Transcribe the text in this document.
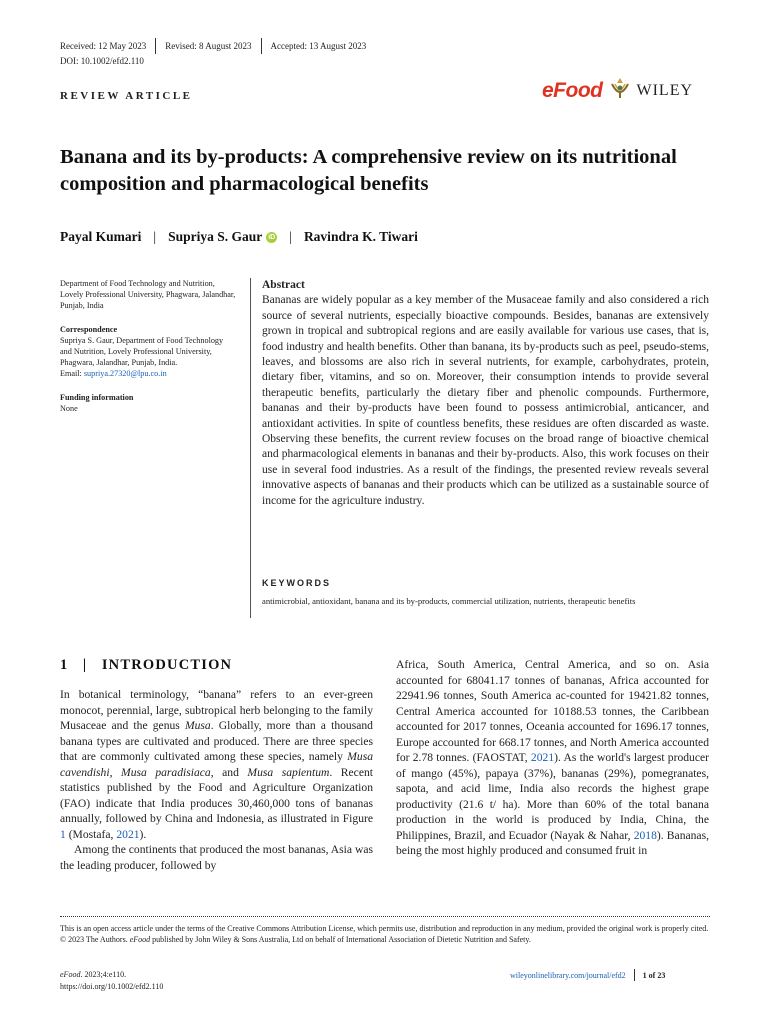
Received: 12 May 2023 Revised: 8 August 2023 Accepted: 13 August 2023
DOI: 10.1002/efd2.110
REVIEW ARTICLE	eFood WILEY
Banana and its by-products: A comprehensive review on its nutritional composition and pharmacological benefits
Payal Kumari | Supriya S. Gaur iD | Ravindra K. Tiwari
Department of Food Technology and Nutrition, Lovely Professional University, Phagwara, Jalandhar, Punjab, India
Correspondence
Supriya S. Gaur, Department of Food Technology and Nutrition, Lovely Professional University, Phagwara, Jalandhar, Punjab, India.
Email: supriya.27320@lpu.co.in
Funding information
None
Abstract
Bananas are widely popular as a key member of the Musaceae family and also considered a rich source of several nutrients, especially bioactive compounds. Besides, bananas are extensively grown in tropical and subtropical regions and are easily available for various use cases, that is, food industry and health benefits. Other than banana, its by-products such as peel, pseudo-stems, leaves, and blossoms are also rich in several nutrients, for example, carbohydrates, protein, dietary fiber, vitamins, and so on. Moreover, their consumption intends to provide several therapeutic benefits, particularly the dietary fiber and phenolic compounds. Furthermore, bananas and their by-products have been found to possess antimicrobial, anticancer, and antioxidant activities. In spite of countless benefits, these residues are often discarded as waste. Observing these benefits, the current review focuses on the broad range of bioactive chemical and pharmacological elements in bananas and their by-products. Also, this work focuses on their use in several food industries. As a result of the findings, the presented review reveals several innovative aspects of bananas and their products which can be utilized as a sustainable source of income for the agriculture industry.
KEYWORDS
antimicrobial, antioxidant, banana and its by-products, commercial utilization, nutrients, therapeutic benefits
1   |   INTRODUCTION

In botanical terminology, “banana” refers to an ever-green monocot, perennial, large, subtropical herb belonging to the family Musaceae and the genus Musa. Globally, more than a thousand banana types are cultivated and produced. There are three species that are commonly cultivated among these species, namely Musa cavendishi, Musa paradisiaca, and Musa sapientum. Recent statistics published by the Food and Agriculture Organization (FAO) indicate that India produces 30,460,000 tons of bananas annually, followed by China and Indonesia, as illustrated in Figure 1 (Mostafa, 2021).

Among the continents that produced the most bananas, Asia was the leading producer, followed by

Africa, South America, Central America, and so on. Asia accounted for 68041.17 tonnes of bananas, Africa accounted for 22941.96 tonnes, South America ac-counted for 19421.82 tonnes, Central America accounted for 10188.53 tonnes, the Caribbean accounted for 2017 tonnes, Oceania accounted for 1696.17 tonnes, Europe accounted for 668.17 tonnes, and North America accounted for 2.78 tonnes. (FAOSTAT, 2021). As the world's largest producer of mango (45%), papaya (37%), bananas (29%), pomegranates, sapota, and acid lime, India also records the highest grape productivity (21.6 t/ ha). More than 60% of the total banana production in the world is produced by India, China, the Philippines, Brazil, and Ecuador (Nayak & Nahar, 2018). Bananas, being the most highly produced and consumed fruit in

This is an open access article under the terms of the Creative Commons Attribution License, which permits use, distribution and reproduction in any medium, provided the original work is properly cited.
© 2023 The Authors. eFood published by John Wiley & Sons Australia, Ltd on behalf of International Association of Dietetic Nutrition and Safety.
eFood. 2023;4:e110.
https://doi.org/10.1002/efd2.110
wileyonlinelibrary.com/journal/efd2 1 of 23
